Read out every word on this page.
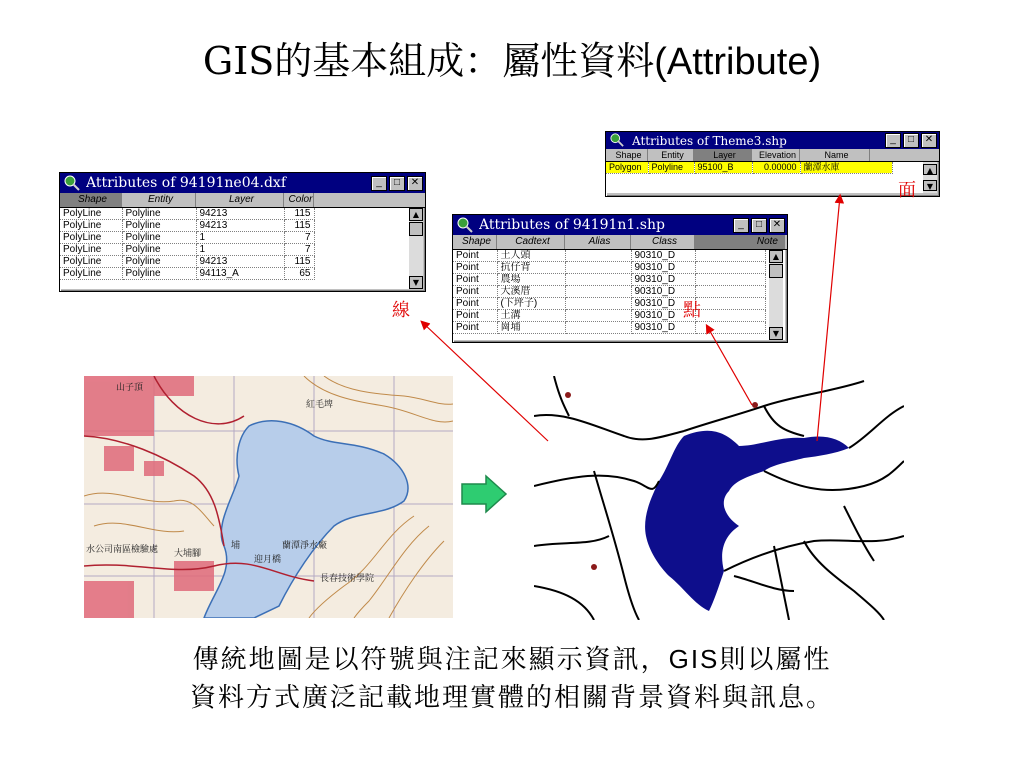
GIS的基本組成：屬性資料(Attribute)
Attributes of 94191ne04.dxf	_	□	✕
Shape	Entity	Layer	Color
PolyLine	Polyline	94213	115
PolyLine	Polyline	94213	115
PolyLine	Polyline	1	7
PolyLine	Polyline	1	7
PolyLine	Polyline	94213	115
PolyLine	Polyline	94113_A	65
▲
▼
Attributes of 94191n1.shp	_	□	✕
Shape	Cadtext	Alias	Class	Note
Point	土人頭		90310_D	
Point	抗仔背		90310_D	
Point	農場		90310_D	
Point	大溪厝		90310_D	
Point	(下坪子)		90310_D	
Point	土溝		90310_D	
Point	崗埔		90310_D	
▲
▼
Attributes of Theme3.shp	_	□	✕
Shape	Entity	Layer	Elevation	Name
Polygon	Polyline	95100_B	0.00000	蘭潭水庫	▲
▼
線	點
面
山子頂
紅毛埤
蘭潭淨水廠
大埔腳
長春技術學院
水公司南區檢驗處
迎月橋
埔
傳統地圖是以符號與注記來顯示資訊，GIS則以屬性
資料方式廣泛記載地理實體的相關背景資料與訊息。
